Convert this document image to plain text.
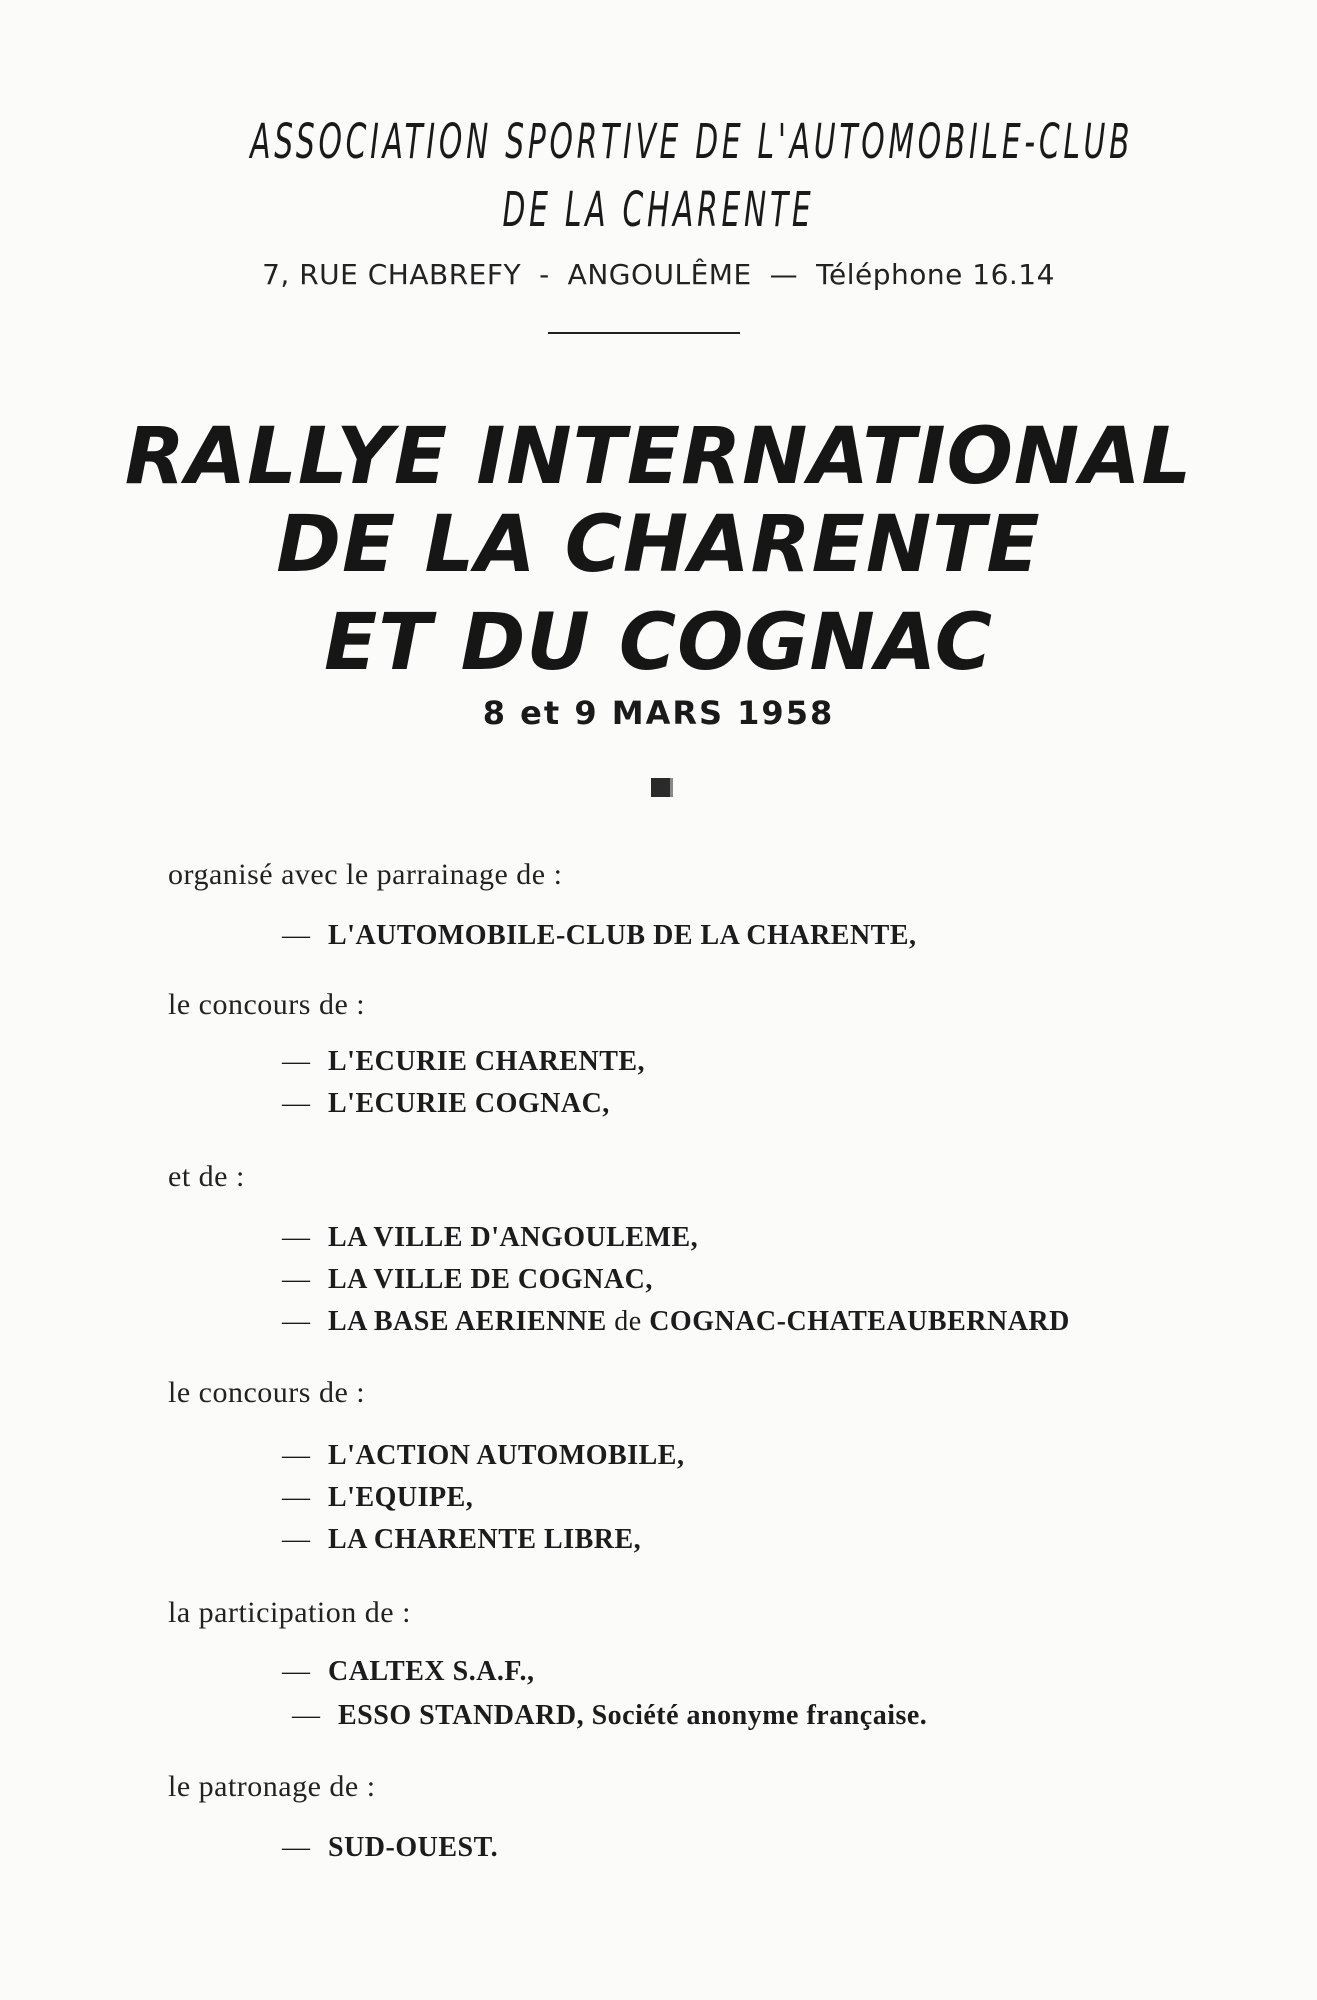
ASSOCIATION SPORTIVE DE L'AUTOMOBILE-CLUB
DE LA CHARENTE
7, RUE CHABREFY - ANGOULÊME — Téléphone 16.14
RALLYE INTERNATIONAL
DE LA CHARENTE
ET DU COGNAC
8 et 9 MARS 1958
organisé avec le parrainage de :
— L'AUTOMOBILE-CLUB DE LA CHARENTE,
le concours de :
— L'ECURIE CHARENTE,
— L'ECURIE COGNAC,
et de :
— LA VILLE D'ANGOULEME,
— LA VILLE DE COGNAC,
— LA BASE AERIENNE de COGNAC-CHATEAUBERNARD
le concours de :
— L'ACTION AUTOMOBILE,
— L'EQUIPE,
— LA CHARENTE LIBRE,
la participation de :
— CALTEX S.A.F.,
— ESSO STANDARD, Société anonyme française.
le patronage de :
— SUD-OUEST.
